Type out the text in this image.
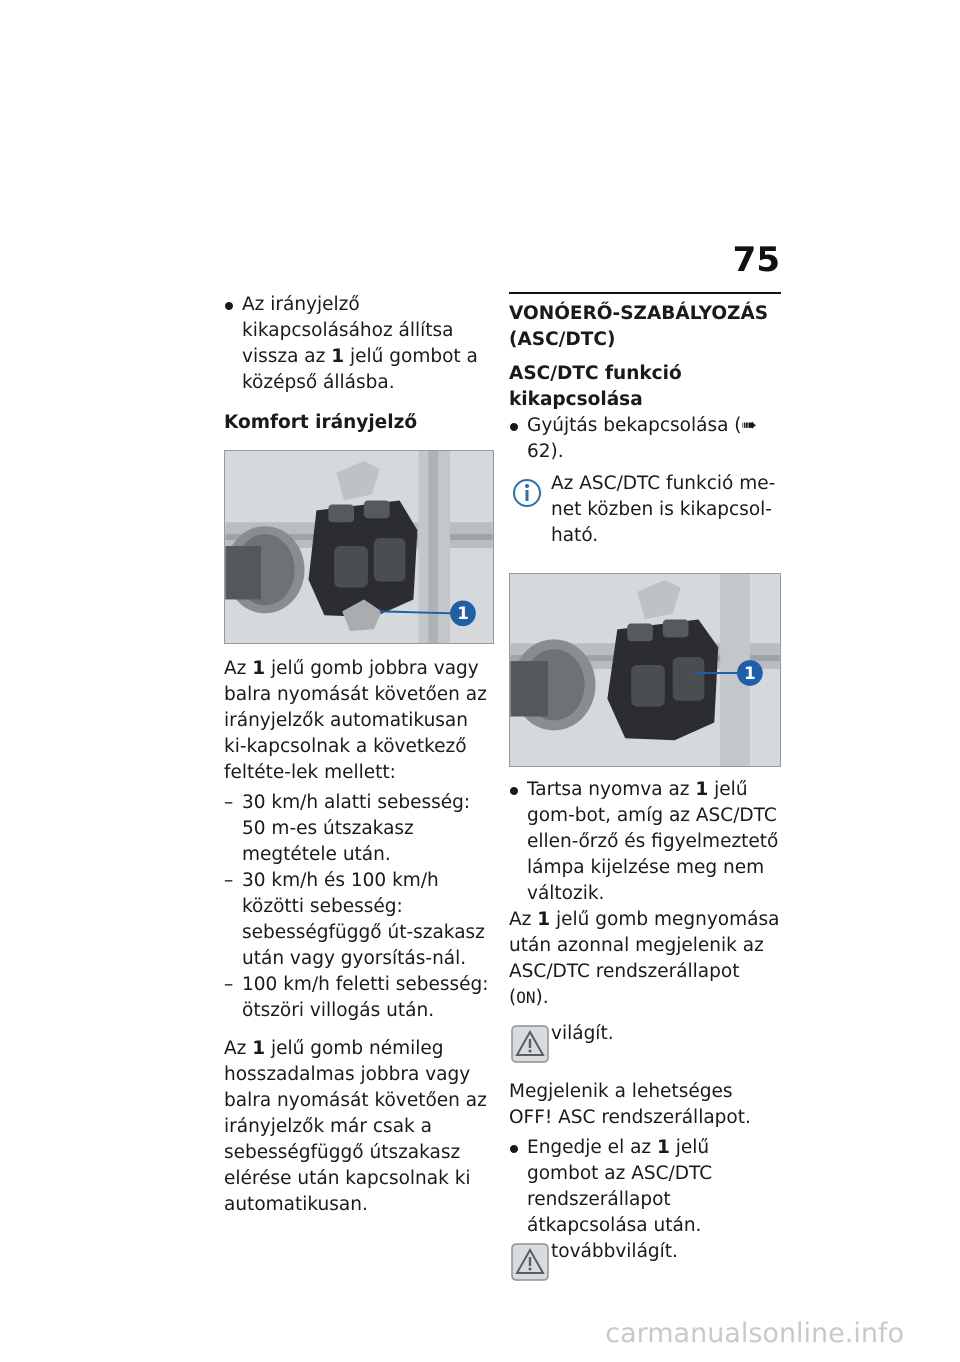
75

Az irányjelző kikapcsolásához állítsa vissza az 1 jelű gombot a középső állásba.

Komfort irányjelző
1

Az 1 jelű gomb jobbra vagy balra nyomását követően az irányjelzők automatikusan ki-kapcsolnak a következő feltéte-lek mellett:

– 30 km/h alatti sebesség: 50 m-es útszakasz megtétele után.

– 30 km/h és 100 km/h közötti sebesség: sebességfüggő út-szakasz után vagy gyorsítás-nál.

– 100 km/h feletti sebesség: ötszöri villogás után.

Az 1 jelű gomb némileg hosszadalmas jobbra vagy balra nyomását követően az irányjelzők már csak a sebességfüggő útszakasz elérése után kapcsolnak ki automatikusan.

VONÓERŐ-SZABÁLYOZÁS (ASC/DTC)
ASC/DTC funkció kikapcsolása

Gyújtás bekapcsolása (➠ 62).

Az ASC/DTC funkció me-net közben is kikapcsol-ható.
1

Tartsa nyomva az 1 jelű gom-bot, amíg az ASC/DTC ellen-őrző és figyelmeztető lámpa kijelzése meg nem változik.

Az 1 jelű gomb megnyomása után azonnal megjelenik az ASC/DTC rendszerállapot (ON).

világít.

Megjelenik a lehetséges OFF! ASC rendszerállapot.

Engedje el az 1 jelű gombot az ASC/DTC rendszerállapot átkapcsolása után.

továbbvilágít.
carmanualsonline.info
